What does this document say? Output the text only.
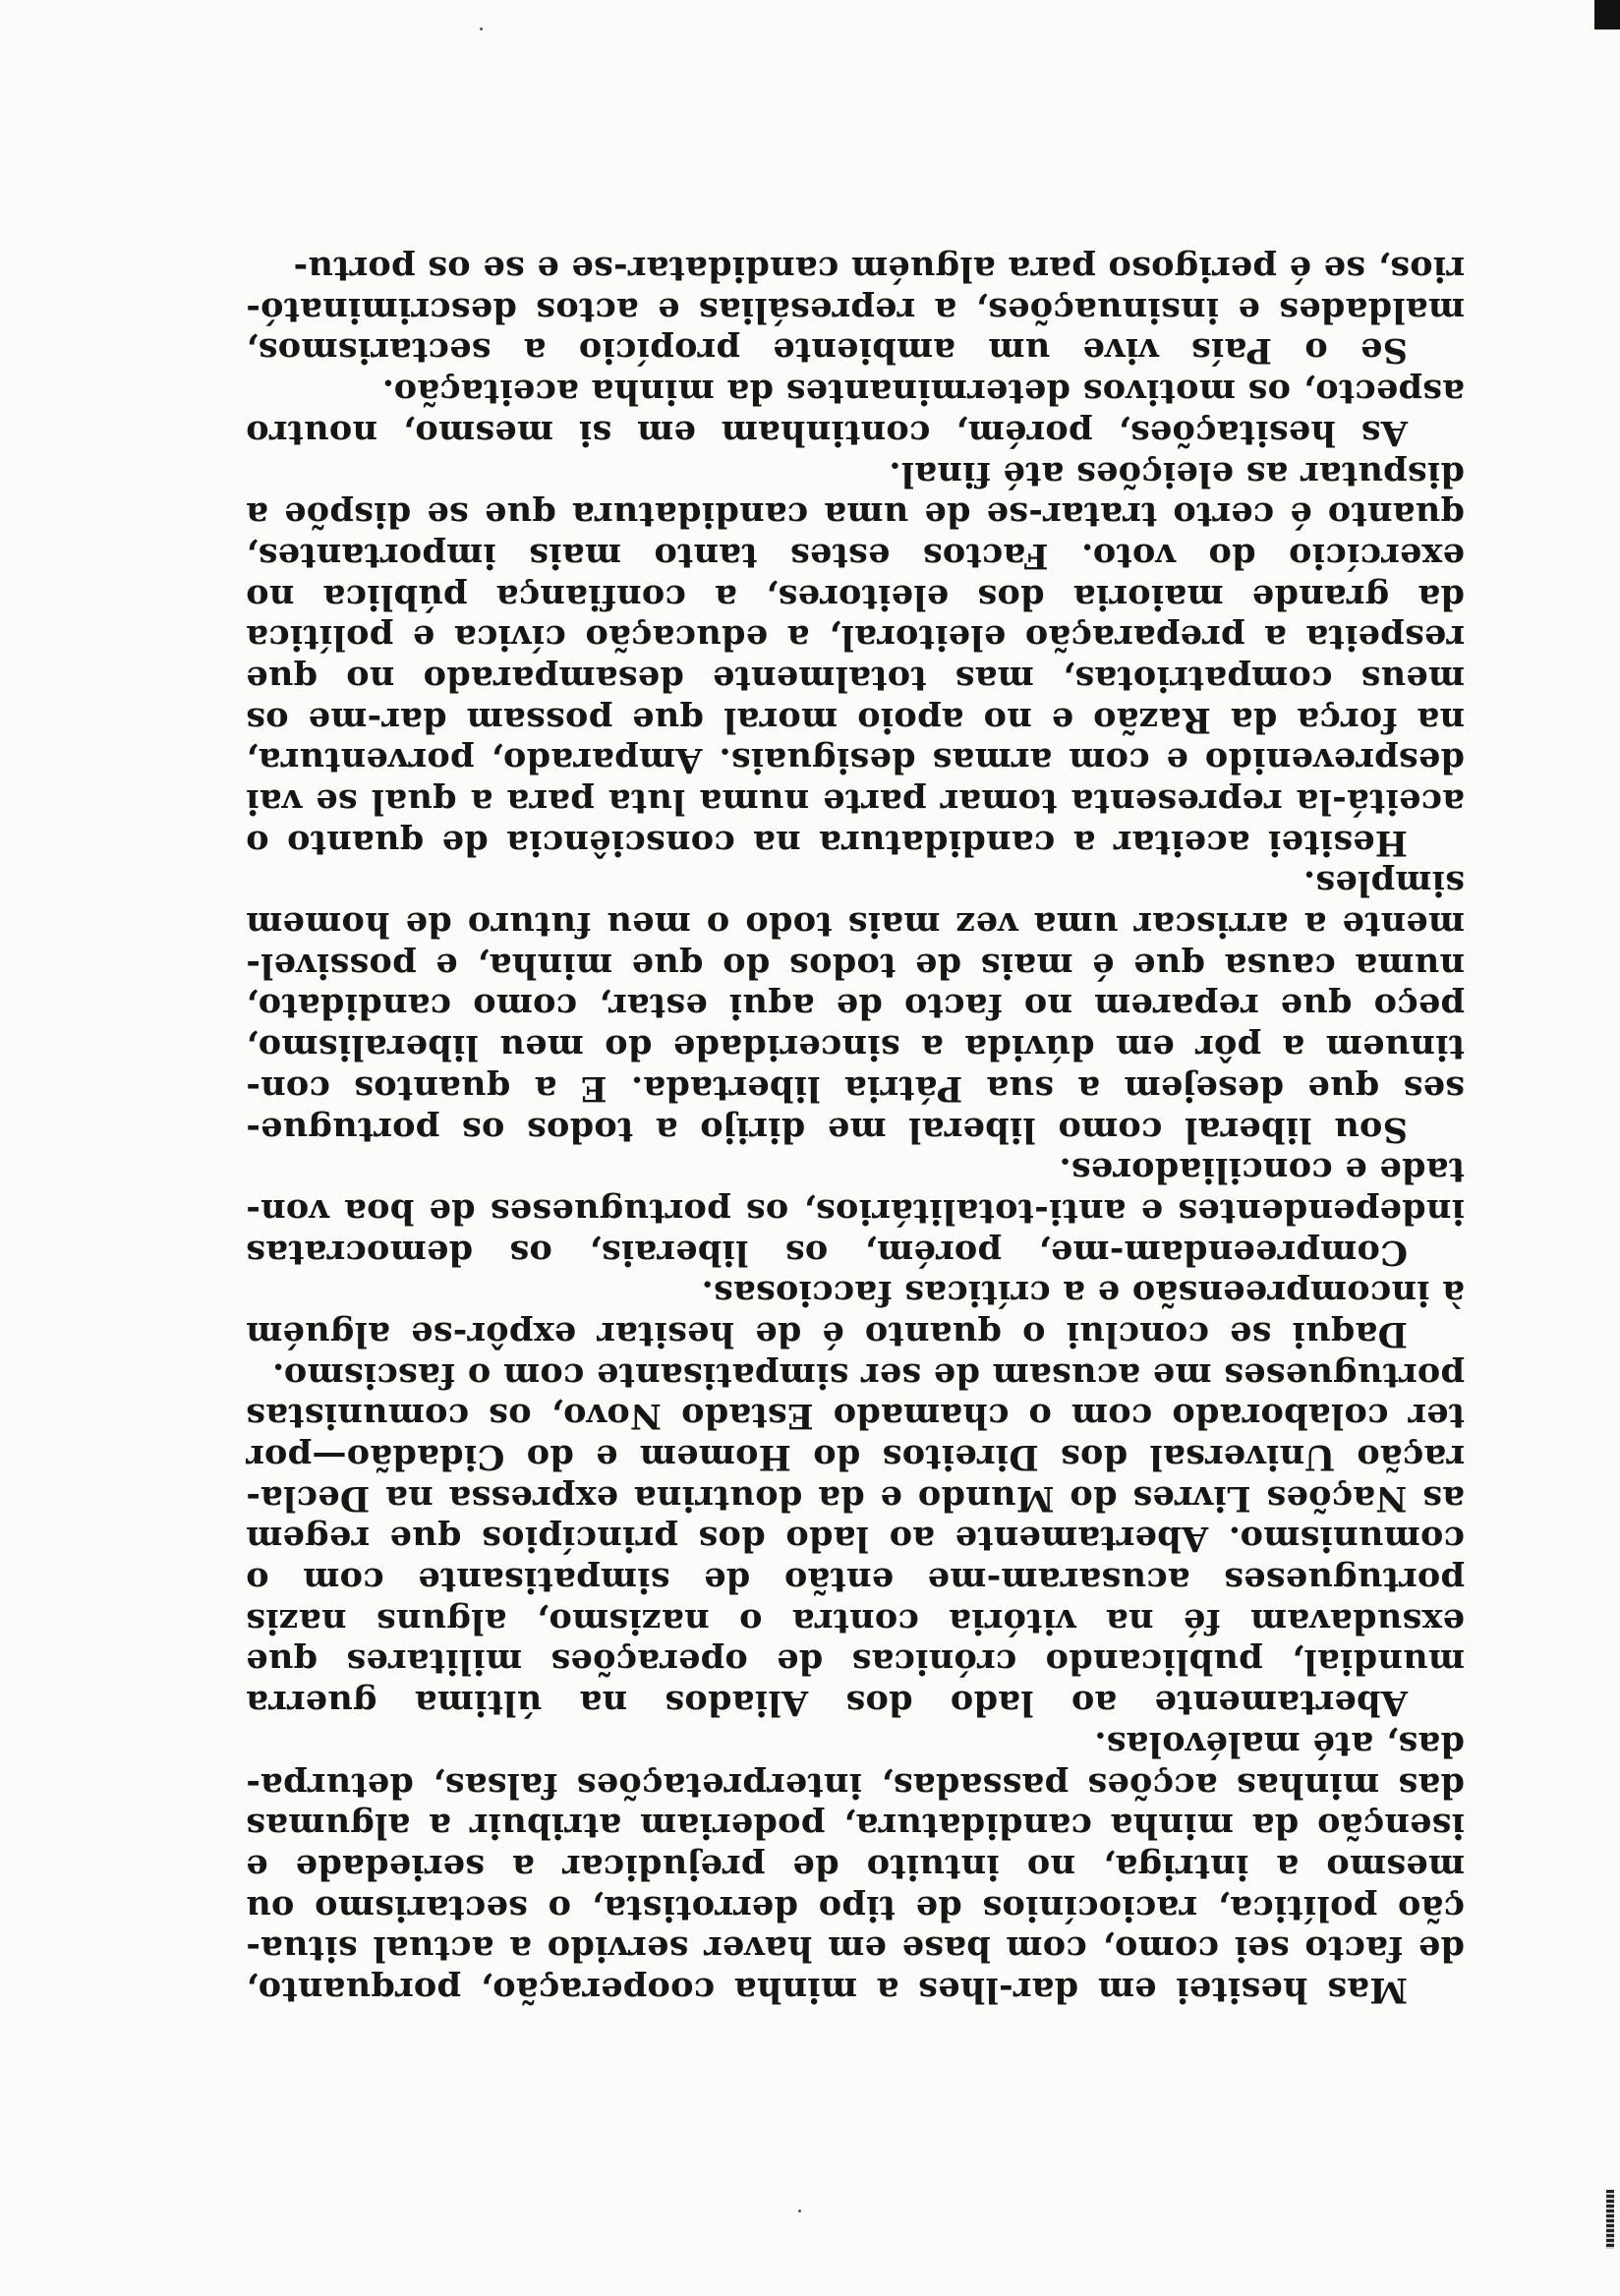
Mas hesitei em dar-lhes a minha cooperação, porquanto,
de facto sei como, com base em haver servido a actual situa-
ção política, raciocínios de tipo derrotista, o sectarismo ou
mesmo a intriga, no intuito de prejudicar a seriedade e
isenção da minha candidatura, poderiam atribuir a algumas
das minhas acções passadas, interpretações falsas, deturpa-
das, até malévolas.
Abertamente ao lado dos Aliados na última guerra
mundial, publicando crónicas de operações militares que
exsudavam fé na vitória contra o nazismo, alguns nazis
portugueses acusaram-me então de simpatisante com o
comunismo. Abertamente ao lado dos princípios que regem
as Nações Livres do Mundo e da doutrina expressa na Decla-
ração Universal dos Direitos do Homem e do Cidadão—por
ter colaborado com o chamado Estado Novo, os comunistas
portugueses me acusam de ser simpatisante com o fascismo.
Daqui se conclui o quanto é de hesitar expôr-se alguém
à incompreensão e a críticas facciosas.
Compreendam-me, porém, os liberais, os democratas
independentes e anti-totalitários, os portugueses de boa von-
tade e conciliadores.
Sou liberal como liberal me dirijo a todos os portugue-
ses que desejem a sua Pátria libertada. E a quantos con-
tinuem a pôr em dúvida a sinceridade do meu liberalismo,
peço que reparem no facto de aqui estar, como candidato,
numa causa que é mais de todos do que minha, e possivel-
mente a arriscar uma vez mais todo o meu futuro de homem
simples.
Hesitei aceitar a candidatura na consciência de quanto o
aceitá-la representa tomar parte numa luta para a qual se vai
desprevenido e com armas desiguais. Amparado, porventura,
na força da Razão e no apoio moral que possam dar-me os
meus compatriotas, mas totalmente desamparado no que
respeita a preparação eleitoral, a educação cívica e política
da grande maioria dos eleitores, a confiança pública no
exercício do voto. Factos estes tanto mais importantes,
quanto é certo tratar-se de uma candidatura que se dispõe a
disputar as eleições até final.
As hesitações, porém, continham em si mesmo, noutro
aspecto, os motivos determinantes da minha aceitação.
Se o País vive um ambiente propício a sectarismos,
maldades e insinuações, a represálias e actos descriminató-
rios, se é perigoso para alguém candidatar-se e se os portu-
